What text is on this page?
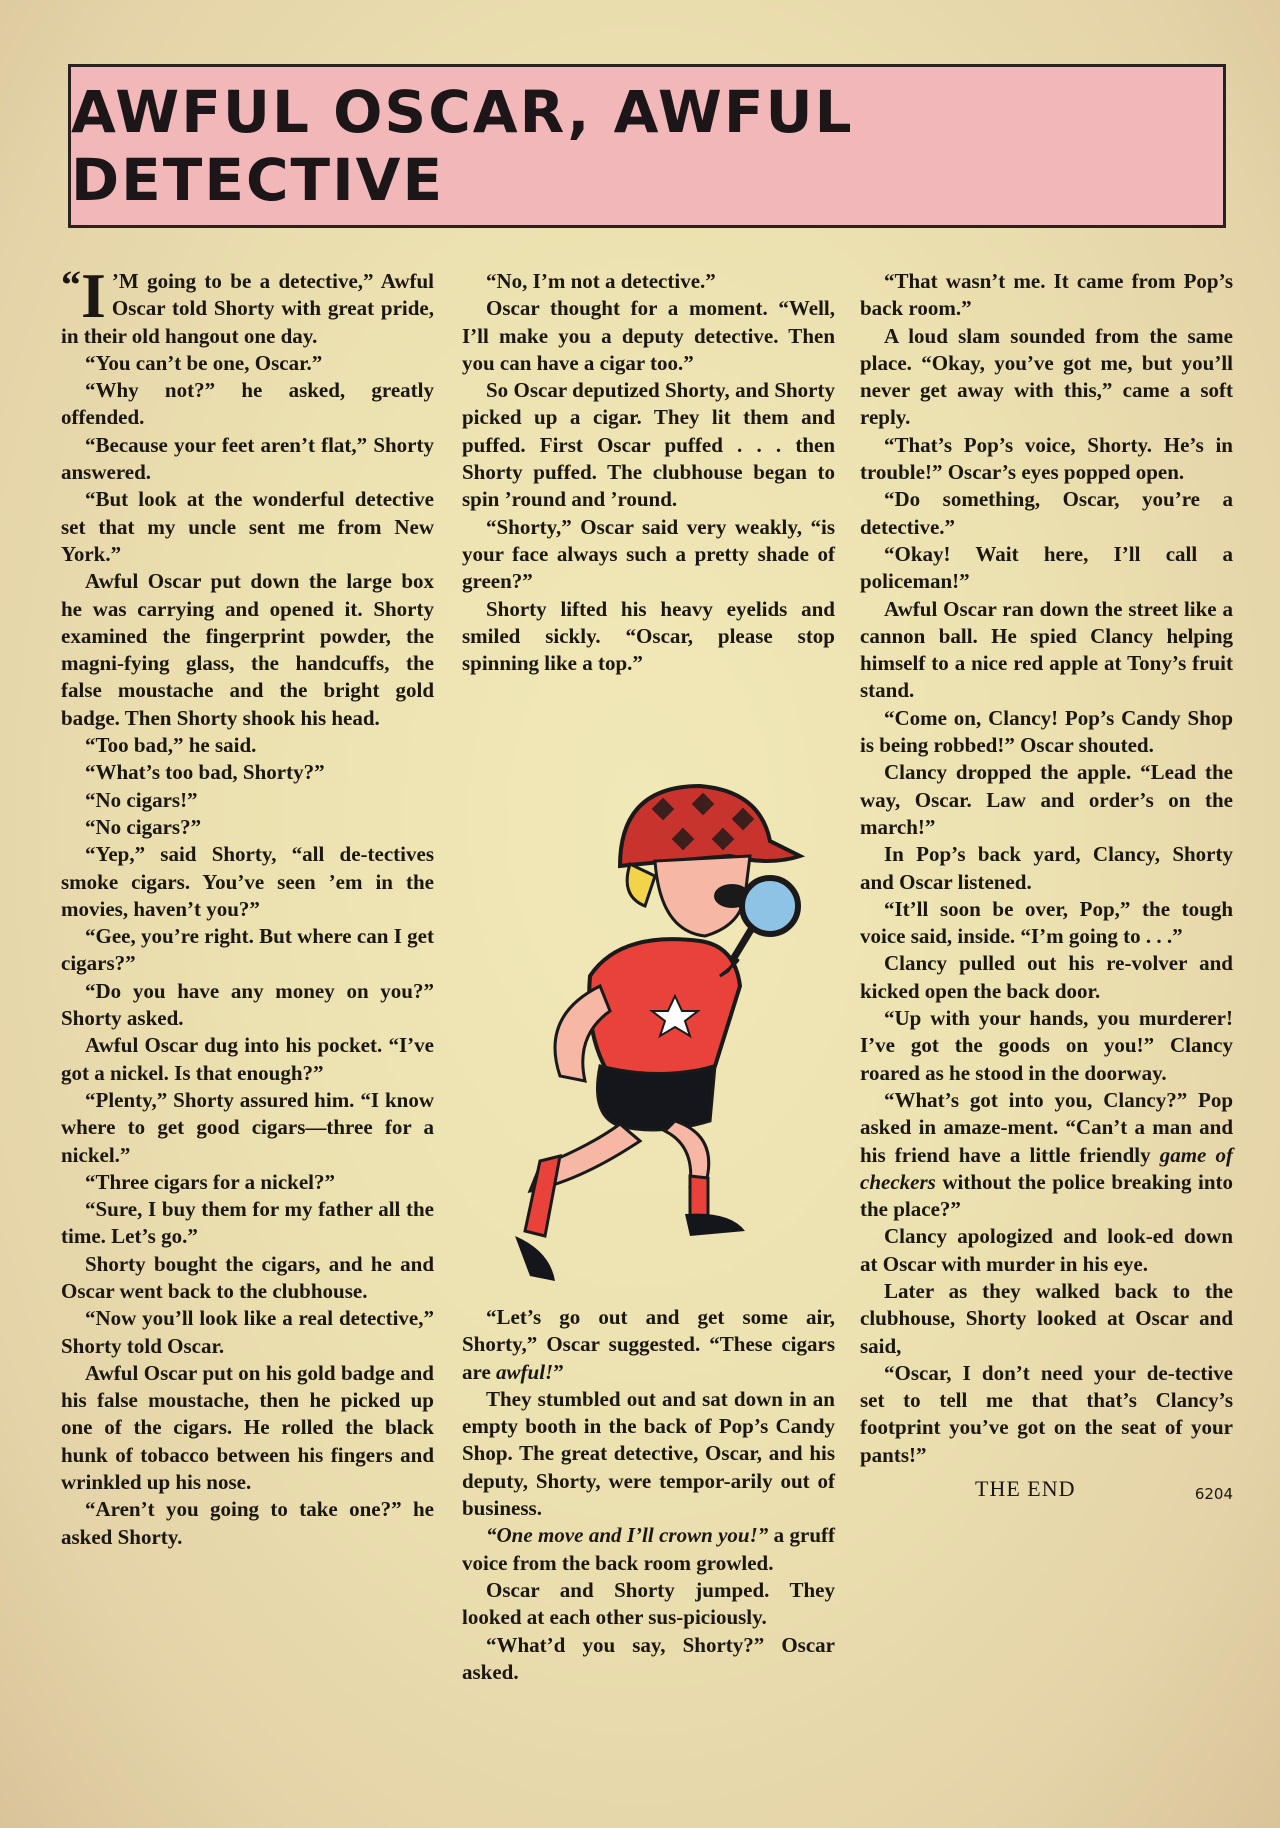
AWFUL OSCAR, AWFUL DETECTIVE
“I ’M going to be a detective,” Awful Oscar told Shorty with great pride, in their old hangout one day.

“You can’t be one, Oscar.”

“Why not?” he asked, greatly offended.

“Because your feet aren’t flat,” Shorty answered.

“But look at the wonderful detective set that my uncle sent me from New York.”

Awful Oscar put down the large box he was carrying and opened it. Shorty examined the fingerprint powder, the magni-fying glass, the handcuffs, the false moustache and the bright gold badge. Then Shorty shook his head.

“Too bad,” he said.

“What’s too bad, Shorty?”

“No cigars!”

“No cigars?”

“Yep,” said Shorty, “all de-tectives smoke cigars. You’ve seen ’em in the movies, haven’t you?”

“Gee, you’re right. But where can I get cigars?”

“Do you have any money on you?” Shorty asked.

Awful Oscar dug into his pocket. “I’ve got a nickel. Is that enough?”

“Plenty,” Shorty assured him. “I know where to get good cigars—three for a nickel.”

“Three cigars for a nickel?”

“Sure, I buy them for my father all the time. Let’s go.”

Shorty bought the cigars, and he and Oscar went back to the clubhouse.

“Now you’ll look like a real detective,” Shorty told Oscar.

Awful Oscar put on his gold badge and his false moustache, then he picked up one of the cigars. He rolled the black hunk of tobacco between his fingers and wrinkled up his nose.

“Aren’t you going to take one?” he asked Shorty.

“No, I’m not a detective.”

Oscar thought for a moment. “Well, I’ll make you a deputy detective. Then you can have a cigar too.”

So Oscar deputized Shorty, and Shorty picked up a cigar. They lit them and puffed. First Oscar puffed . . . then Shorty puffed. The clubhouse began to spin ’round and ’round.

“Shorty,” Oscar said very weakly, “is your face always such a pretty shade of green?”

Shorty lifted his heavy eyelids and smiled sickly. “Oscar, please stop spinning like a top.”

“Let’s go out and get some air, Shorty,” Oscar suggested. “These cigars are awful!”

They stumbled out and sat down in an empty booth in the back of Pop’s Candy Shop. The great detective, Oscar, and his deputy, Shorty, were tempor-arily out of business.

“One move and I’ll crown you!” a gruff voice from the back room growled.

Oscar and Shorty jumped. They looked at each other sus-piciously.

“What’d you say, Shorty?” Oscar asked.

“That wasn’t me. It came from Pop’s back room.”

A loud slam sounded from the same place. “Okay, you’ve got me, but you’ll never get away with this,” came a soft reply.

“That’s Pop’s voice, Shorty. He’s in trouble!” Oscar’s eyes popped open.

“Do something, Oscar, you’re a detective.”

“Okay! Wait here, I’ll call a policeman!”

Awful Oscar ran down the street like a cannon ball. He spied Clancy helping himself to a nice red apple at Tony’s fruit stand.

“Come on, Clancy! Pop’s Candy Shop is being robbed!” Oscar shouted.

Clancy dropped the apple. “Lead the way, Oscar. Law and order’s on the march!”

In Pop’s back yard, Clancy, Shorty and Oscar listened.

“It’ll soon be over, Pop,” the tough voice said, inside. “I’m going to . . .”

Clancy pulled out his re-volver and kicked open the back door.

“Up with your hands, you murderer! I’ve got the goods on you!” Clancy roared as he stood in the doorway.

“What’s got into you, Clancy?” Pop asked in amaze-ment. “Can’t a man and his friend have a little friendly game of checkers without the police breaking into the place?”

Clancy apologized and look-ed down at Oscar with murder in his eye.

Later as they walked back to the clubhouse, Shorty looked at Oscar and said,

“Oscar, I don’t need your de-tective set to tell me that that’s Clancy’s footprint you’ve got on the seat of your pants!”

THE END	6204
